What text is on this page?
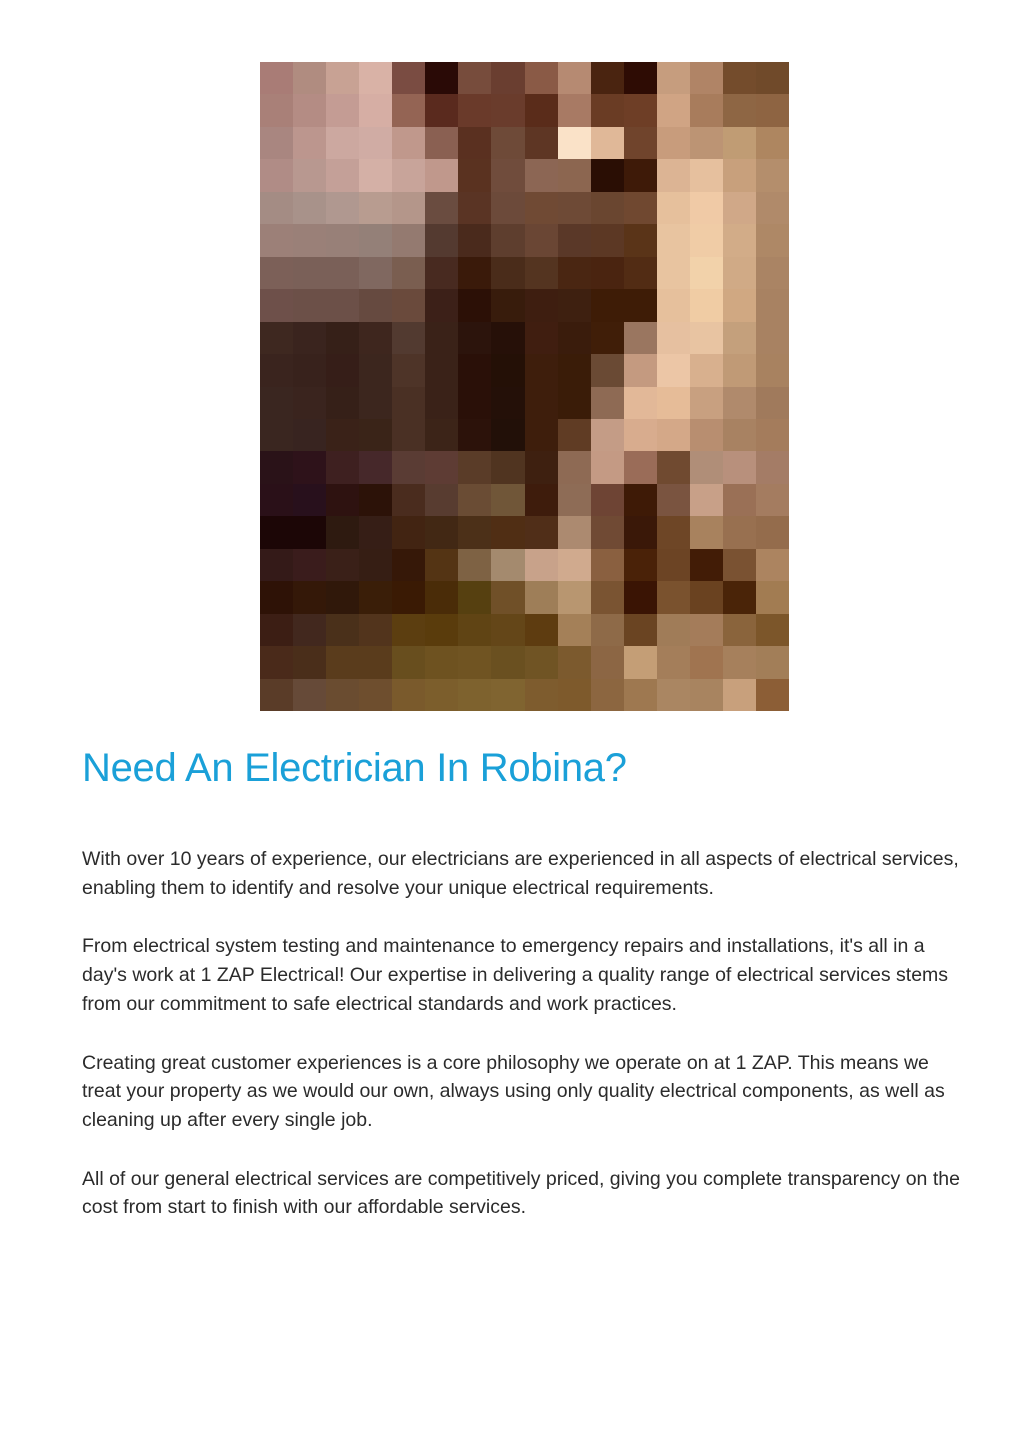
Need An Electrician In Robina?

With over 10 years of experience, our electricians are experienced in all aspects of electrical services, enabling them to identify and resolve your unique electrical requirements.

From electrical system testing and maintenance to emergency repairs and installations, it's all in a day's work at 1 ZAP Electrical! Our expertise in delivering a quality range of electrical services stems from our commitment to safe electrical standards and work practices.

Creating great customer experiences is a core philosophy we operate on at 1 ZAP. This means we treat your property as we would our own, always using only quality electrical components, as well as cleaning up after every single job.

All of our general electrical services are competitively priced, giving you complete transparency on the cost from start to finish with our affordable services.
